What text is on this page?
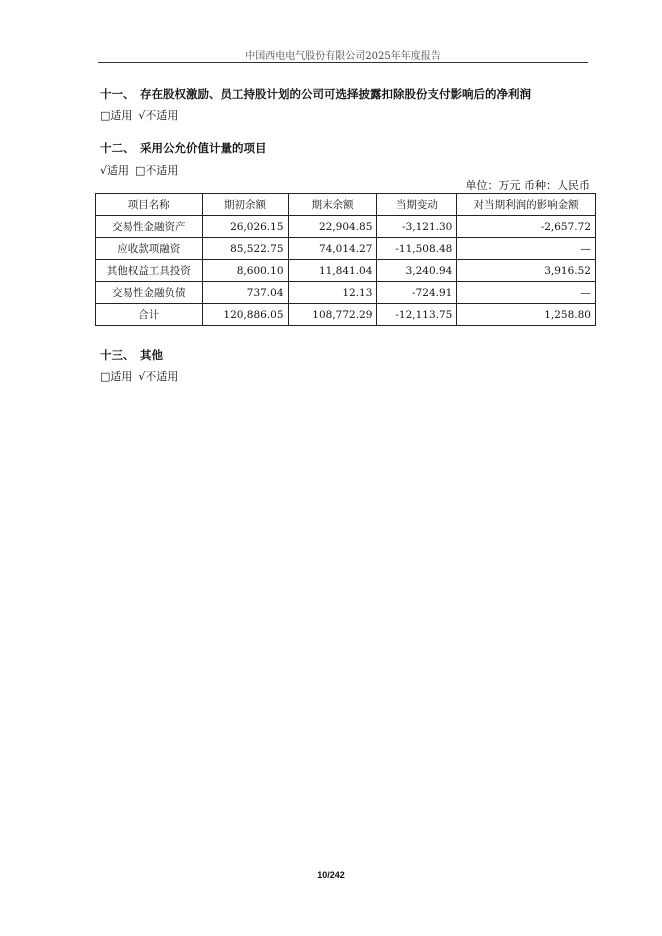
中国西电电气股份有限公司2025年年度报告
十一、 存在股权激励、员工持股计划的公司可选择披露扣除股份支付影响后的净利润
□适用 √不适用
十二、 采用公允价值计量的项目
√适用 □不适用
单位：万元 币种：人民币
项目名称	期初余额	期末余额	当期变动	对当期利润的影响金额
交易性金融资产	26,026.15	22,904.85	-3,121.30	-2,657.72
应收款项融资	85,522.75	74,014.27	-11,508.48	—
其他权益工具投资	8,600.10	11,841.04	3,240.94	3,916.52
交易性金融负债	737.04	12.13	-724.91	—
合计	120,886.05	108,772.29	-12,113.75	1,258.80
十三、 其他
□适用 √不适用
10/242
